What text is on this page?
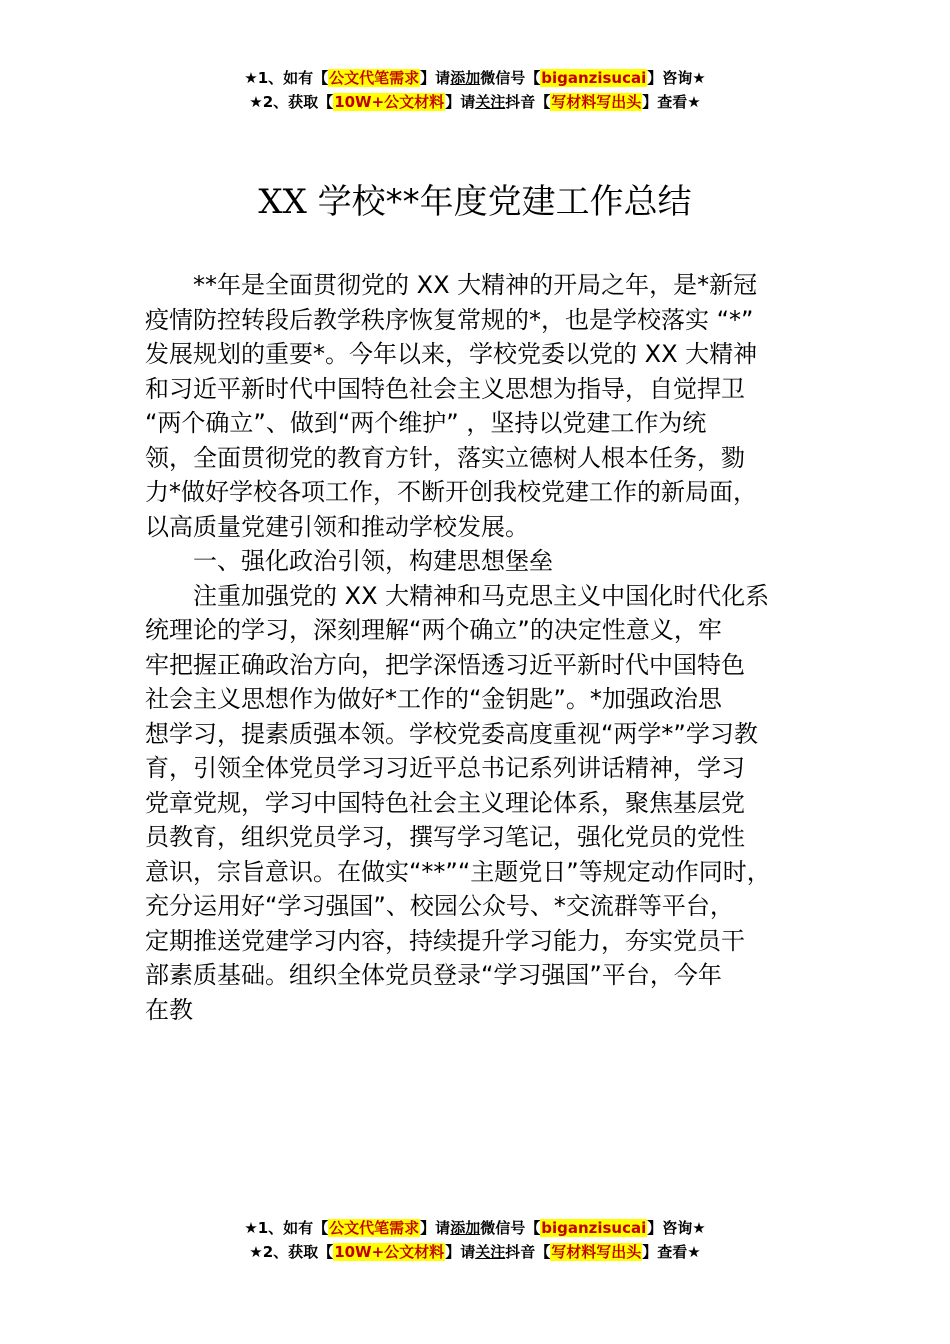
★1、如有【公文代笔需求】请添加微信号【biganzisucai】咨询★
★2、获取【10W+公文材料】请关注抖音【写材料写出头】查看★
XX 学校**年度党建工作总结

　　**年是全面贯彻党的 XX 大精神的开局之年，是*新冠

疫情防控转段后教学秩序恢复常规的*，也是学校落实 “*”

发展规划的重要*。今年以来，学校党委以党的 XX 大精神

和习近平新时代中国特色社会主义思想为指导，自觉捍卫

“两个确立”、做到“两个维护” ，坚持以党建工作为统

领，全面贯彻党的教育方针，落实立德树人根本任务，勠

力*做好学校各项工作，不断开创我校党建工作的新局面，

以高质量党建引领和推动学校发展。

一、强化政治引领，构建思想堡垒

　　注重加强党的 XX 大精神和马克思主义中国化时代化系

统理论的学习，深刻理解“两个确立”的决定性意义，牢

牢把握正确政治方向，把学深悟透习近平新时代中国特色

社会主义思想作为做好*工作的“金钥匙”。*加强政治思

想学习，提素质强本领。学校党委高度重视“两学*”学习教

育，引领全体党员学习习近平总书记系列讲话精神，学习

党章党规，学习中国特色社会主义理论体系，聚焦基层党

员教育，组织党员学习，撰写学习笔记，强化党员的党性

意识，宗旨意识。在做实“**”“主题党日”等规定动作同时，

充分运用好“学习强国”、校园公众号、*交流群等平台，

定期推送党建学习内容，持续提升学习能力，夯实党员干

部素质基础。组织全体党员登录“学习强国”平台，今年

在教

★1、如有【公文代笔需求】请添加微信号【biganzisucai】咨询★
★2、获取【10W+公文材料】请关注抖音【写材料写出头】查看★
